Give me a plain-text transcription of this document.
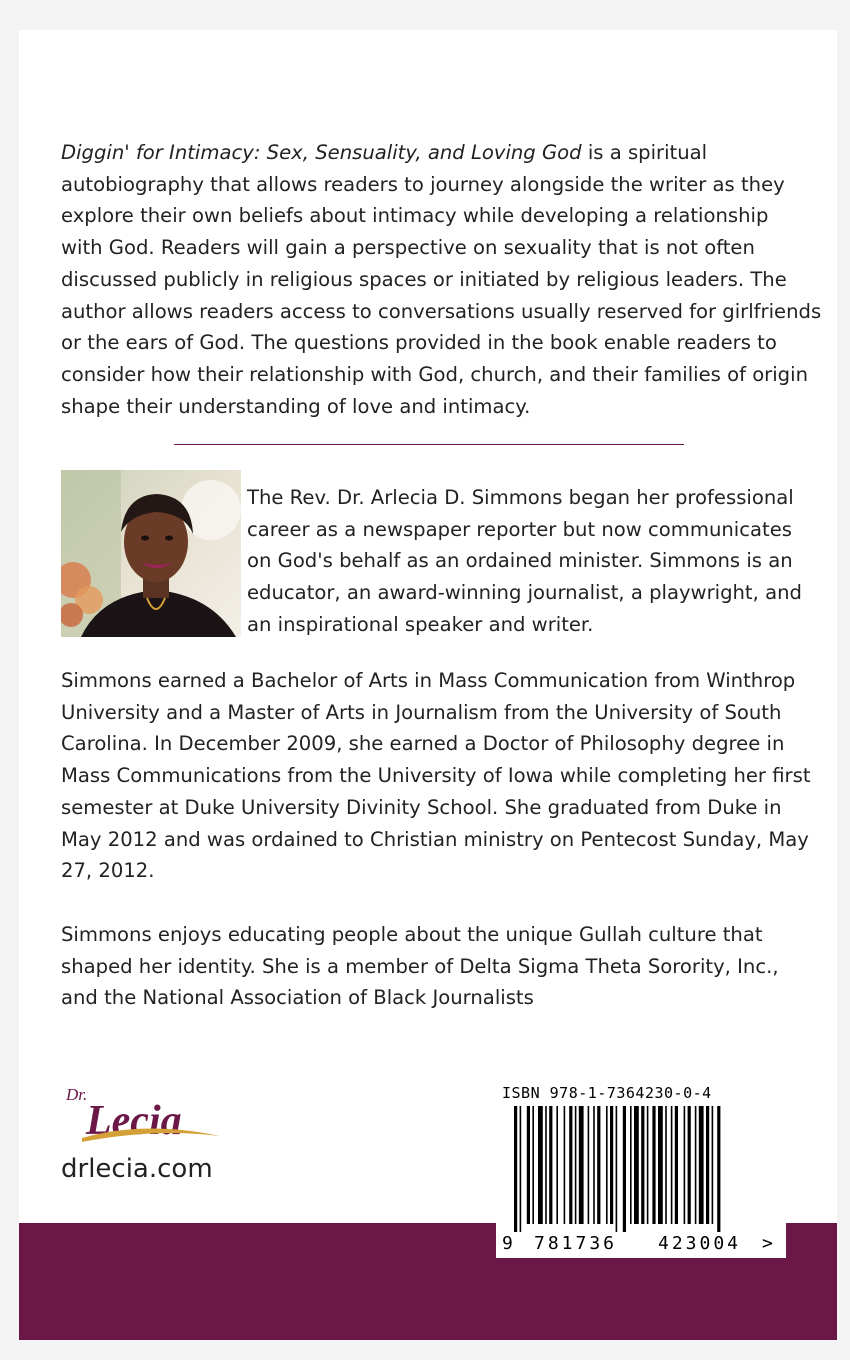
Diggin' for Intimacy: Sex, Sensuality, and Loving God is a spiritual
autobiography that allows readers to journey alongside the writer as they
explore their own beliefs about intimacy while developing a relationship
with God. Readers will gain a perspective on sexuality that is not often
discussed publicly in religious spaces or initiated by religious leaders. The
author allows readers access to conversations usually reserved for girlfriends
or the ears of God. The questions provided in the book enable readers to
consider how their relationship with God, church, and their families of origin
shape their understanding of love and intimacy.
The Rev. Dr. Arlecia D. Simmons began her professional
career as a newspaper reporter but now communicates
on God's behalf as an ordained minister. Simmons is an
educator, an award-winning journalist, a playwright, and
an inspirational speaker and writer.
Simmons earned a Bachelor of Arts in Mass Communication from Winthrop
University and a Master of Arts in Journalism from the University of South
Carolina. In December 2009, she earned a Doctor of Philosophy degree in
Mass Communications from the University of Iowa while completing her first
semester at Duke University Divinity School. She graduated from Duke in
May 2012 and was ordained to Christian ministry on Pentecost Sunday, May
27, 2012.
Simmons enjoys educating people about the unique Gullah culture that
shaped her identity. She is a member of Delta Sigma Theta Sorority, Inc.,
and the National Association of Black Journalists
Dr.
Lecia
drlecia.com
ISBN 978-1-7364230-0-4
9 781736 423004 >
